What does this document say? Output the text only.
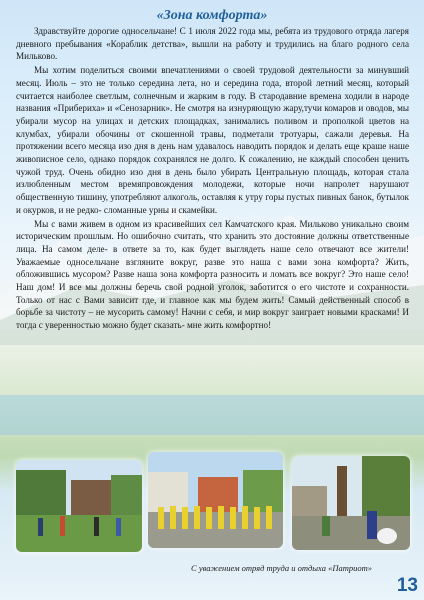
«Зона комфорта»

Здравствуйте дорогие односельчане! С 1 июля 2022 года мы, ребята из трудового отряда лагеря дневного пребывания «Кораблик детства», вышли на работу и трудились на благо родного села Мильково.

Мы хотим поделиться своими впечатлениями о своей трудовой деятельности за минувший месяц. Июль – это не только середина лета, но и середина года, второй летний месяц, который считается наиболее светлым, солнечным и жарким в году. В стародавние времена ходили в народе названия «Прибериха» и «Сенозарник». Не смотря на изнуряющую жару,тучи комаров и оводов, мы убирали мусор на улицах и детских площадках, занимались поливом и прополкой цветов на клумбах, убирали обочины от скошенной травы, подметали тротуары, сажали деревья. На протяжении всего месяца изо дня в день нам удавалось наводить порядок и делать еще краше наше живописное село, однако порядок сохранялся не долго. К сожалению, не каждый способен ценить чужой труд. Очень обидно изо дня в день было убирать Центральную площадь, которая стала излюбленным местом времяпровождения молодежи, которые ночи напролет нарушают общественную тишину, употребляют алкоголь, оставляя к утру горы пустых пивных банок, бутылок и окурков, и не редко- сломанные урны и скамейки.

Мы с вами живем в одном из красивейших сел Камчатского края. Мильково уникально своим историческим прошлым. Но ошибочно считать, что хранить это достояние должны ответственные лица. На самом деле- в ответе за то, как будет выглядеть наше село отвечают все жители! Уважаемые односельчане взгляните вокруг, разве это наша с вами зона комфорта? Жить, обложившись мусором? Разве наша зона комфорта разносить и ломать все вокруг? Это наше село! Наш дом! И все мы должны беречь свой родной уголок, заботится о его чистоте и сохранности. Только от нас с Вами зависит где, и главное как мы будем жить! Самый действенный способ в борьбе за чистоту – не мусорить самому! Начни с себя, и мир вокруг заиграет новыми красками! И тогда с уверенностью можно будет сказать- мне жить комфортно!

С уважением отряд труда и отдыха «Патриот»
13
